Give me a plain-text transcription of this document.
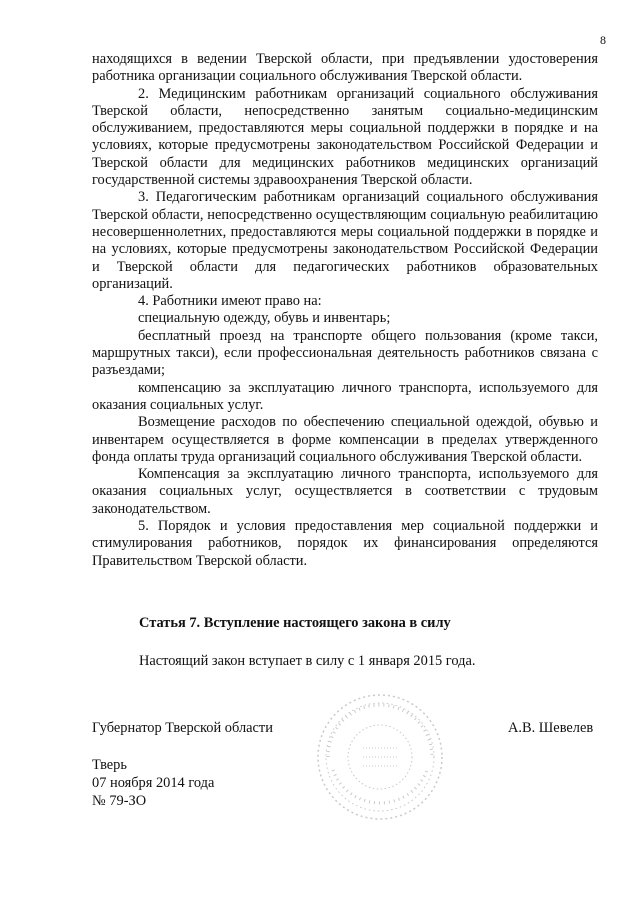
8

находящихся в ведении Тверской области, при предъявлении удостоверения работника организации социального обслуживания Тверской области.

2. Медицинским работникам организаций социального обслуживания Тверской области, непосредственно занятым социально-медицинским обслуживанием, предоставляются меры социальной поддержки в порядке и на условиях, которые предусмотрены законодательством Российской Федерации и Тверской области для медицинских работников медицинских организаций государственной системы здравоохранения Тверской области.

3. Педагогическим работникам организаций социального обслуживания Тверской области, непосредственно осуществляющим социальную реабилитацию несовершеннолетних, предоставляются меры социальной поддержки в порядке и на условиях, которые предусмотрены законодательством Российской Федерации и Тверской области для педагогических работников образовательных организаций.

4. Работники имеют право на:

специальную одежду, обувь и инвентарь;

бесплатный проезд на транспорте общего пользования (кроме такси, маршрутных такси), если профессиональная деятельность работников связана с разъездами;

компенсацию за эксплуатацию личного транспорта, используемого для оказания социальных услуг.

Возмещение расходов по обеспечению специальной одеждой, обувью и инвентарем осуществляется в форме компенсации в пределах утвержденного фонда оплаты труда организаций социального обслуживания Тверской области.

Компенсация за эксплуатацию личного транспорта, используемого для оказания социальных услуг, осуществляется в соответствии с трудовым законодательством.

5. Порядок и условия предоставления мер социальной поддержки и стимулирования работников, порядок их финансирования определяются Правительством Тверской области.

Статья 7. Вступление настоящего закона в силу

Настоящий закон вступает в силу с 1 января 2015 года.

Губернатор Тверской области	А.В. Шевелев
Тверь
07 ноября 2014 года
№ 79-ЗО
